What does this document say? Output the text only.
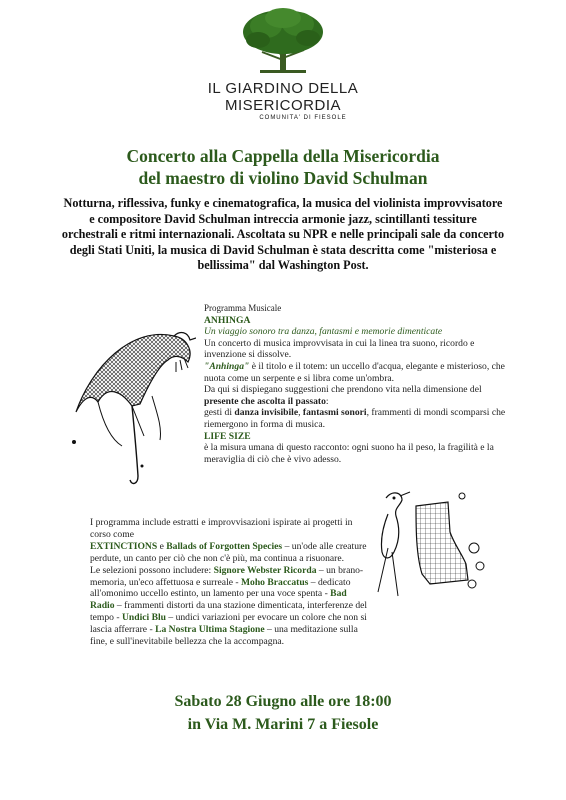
IL GIARDINO DELLA
MISERICORDIA
COMUNITA' DI FIESOLE
Concerto alla Cappella della Misericordia
del maestro di violino David Schulman
Notturna, riflessiva, funky e cinematografica, la musica del violinista improvvisatore e compositore David Schulman intreccia armonie jazz, scintillanti tessiture orchestrali e ritmi internazionali. Ascoltata su NPR e nelle principali sale da concerto degli Stati Uniti, la musica di David Schulman è stata descritta come "misteriosa e bellissima" dal Washington Post.

Programma Musicale

ANHINGA

Un viaggio sonoro tra danza, fantasmi e memorie dimenticate

Un concerto di musica improvvisata in cui la linea tra suono, ricordo e invenzione si dissolve.

"Anhinga" è il titolo e il totem: un uccello d'acqua, elegante e misterioso, che nuota come un serpente e si libra come un'ombra.

Da qui si dispiegano suggestioni che prendono vita nella dimensione del presente che ascolta il passato:

gesti di danza invisibile, fantasmi sonori, frammenti di mondi scomparsi che riemergono in forma di musica.

LIFE SIZE

è la misura umana di questo racconto: ogni suono ha il peso, la fragilità e la meraviglia di ciò che è vivo adesso.

I programma include estratti e improvvisazioni ispirate ai progetti in corso come

EXTINCTIONS e Ballads of Forgotten Species – un'ode alle creature perdute, un canto per ciò che non c'è più, ma continua a risuonare.

Le selezioni possono includere: Signore Webster Ricorda – un brano-memoria, un'eco affettuosa e surreale - Moho Braccatus – dedicato all'omonimo uccello estinto, un lamento per una voce spenta - Bad Radio – frammenti distorti da una stazione dimenticata, interferenze del tempo - Undici Blu – undici variazioni per evocare un colore che non si lascia afferrare - La Nostra Ultima Stagione – una meditazione sulla fine, e sull'inevitabile bellezza che la accompagna.

Sabato 28 Giugno alle ore 18:00
in Via M. Marini 7 a Fiesole
